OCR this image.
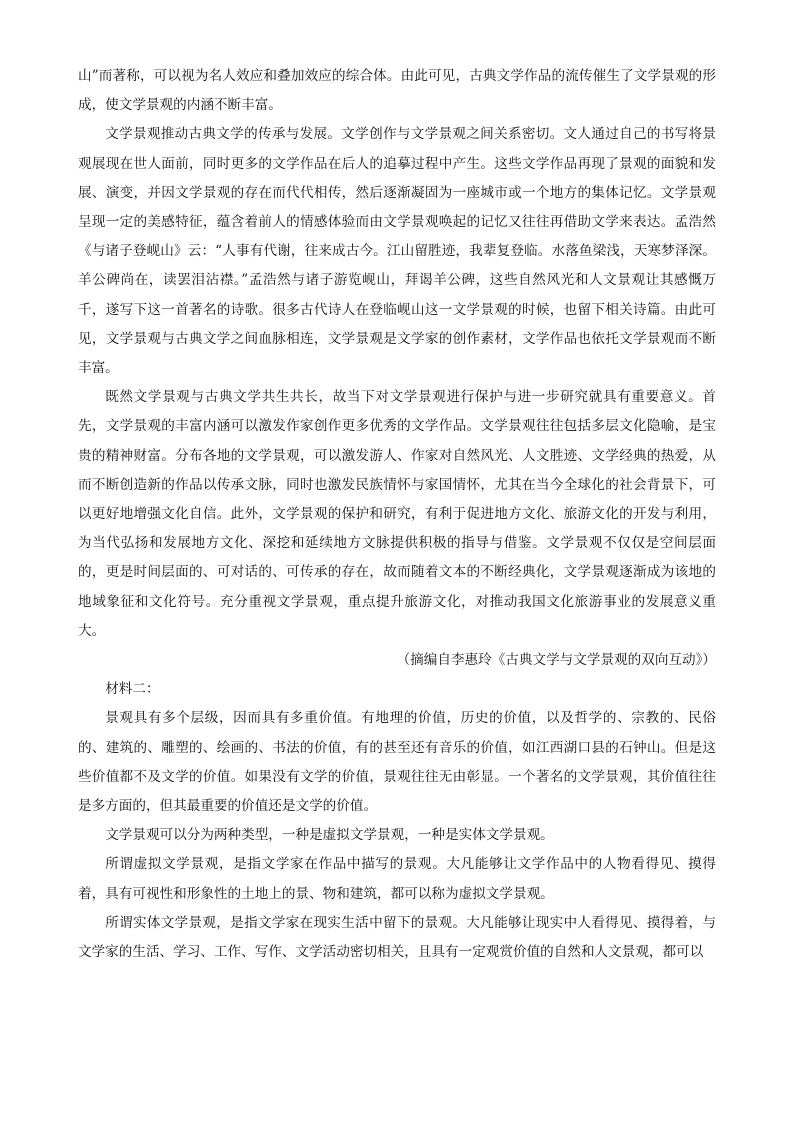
山”而著称，可以视为名人效应和叠加效应的综合体。由此可见，古典文学作品的流传催生了文学景观的形成，使文学景观的内涵不断丰富。

文学景观推动古典文学的传承与发展。文学创作与文学景观之间关系密切。文人通过自己的书写将景观展现在世人面前，同时更多的文学作品在后人的追摹过程中产生。这些文学作品再现了景观的面貌和发展、演变，并因文学景观的存在而代代相传，然后逐渐凝固为一座城市或一个地方的集体记忆。文学景观呈现一定的美感特征，蕴含着前人的情感体验而由文学景观唤起的记忆又往往再借助文学来表达。孟浩然《与诸子登岘山》云：“人事有代谢，往来成古今。江山留胜迹，我辈复登临。水落鱼梁浅，天寒梦泽深。羊公碑尚在，读罢泪沾襟。”孟浩然与诸子游览岘山，拜谒羊公碑，这些自然风光和人文景观让其感慨万千，遂写下这一首著名的诗歌。很多古代诗人在登临岘山这一文学景观的时候，也留下相关诗篇。由此可见，文学景观与古典文学之间血脉相连，文学景观是文学家的创作素材，文学作品也依托文学景观而不断丰富。

既然文学景观与古典文学共生共长，故当下对文学景观进行保护与进一步研究就具有重要意义。首先，文学景观的丰富内涵可以激发作家创作更多优秀的文学作品。文学景观往往包括多层文化隐喻，是宝贵的精神财富。分布各地的文学景观，可以激发游人、作家对自然风光、人文胜迹、文学经典的热爱，从而不断创造新的作品以传承文脉，同时也激发民族情怀与家国情怀，尤其在当今全球化的社会背景下，可以更好地增强文化自信。此外，文学景观的保护和研究，有利于促进地方文化、旅游文化的开发与利用，为当代弘扬和发展地方文化、深挖和延续地方文脉提供积极的指导与借鉴。文学景观不仅仅是空间层面的，更是时间层面的、可对话的、可传承的存在，故而随着文本的不断经典化，文学景观逐渐成为该地的地域象征和文化符号。充分重视文学景观，重点提升旅游文化，对推动我国文化旅游事业的发展意义重大。

（摘编自李惠玲《古典文学与文学景观的双向互动》）

材料二：

景观具有多个层级，因而具有多重价值。有地理的价值，历史的价值，以及哲学的、宗教的、民俗的、建筑的、雕塑的、绘画的、书法的价值，有的甚至还有音乐的价值，如江西湖口县的石钟山。但是这些价值都不及文学的价值。如果没有文学的价值，景观往往无由彰显。一个著名的文学景观，其价值往往是多方面的，但其最重要的价值还是文学的价值。

文学景观可以分为两种类型，一种是虚拟文学景观，一种是实体文学景观。

所谓虚拟文学景观，是指文学家在作品中描写的景观。大凡能够让文学作品中的人物看得见、摸得着，具有可视性和形象性的土地上的景、物和建筑，都可以称为虚拟文学景观。

所谓实体文学景观，是指文学家在现实生活中留下的景观。大凡能够让现实中人看得见、摸得着，与文学家的生活、学习、工作、写作、文学活动密切相关，且具有一定观赏价值的自然和人文景观，都可以
